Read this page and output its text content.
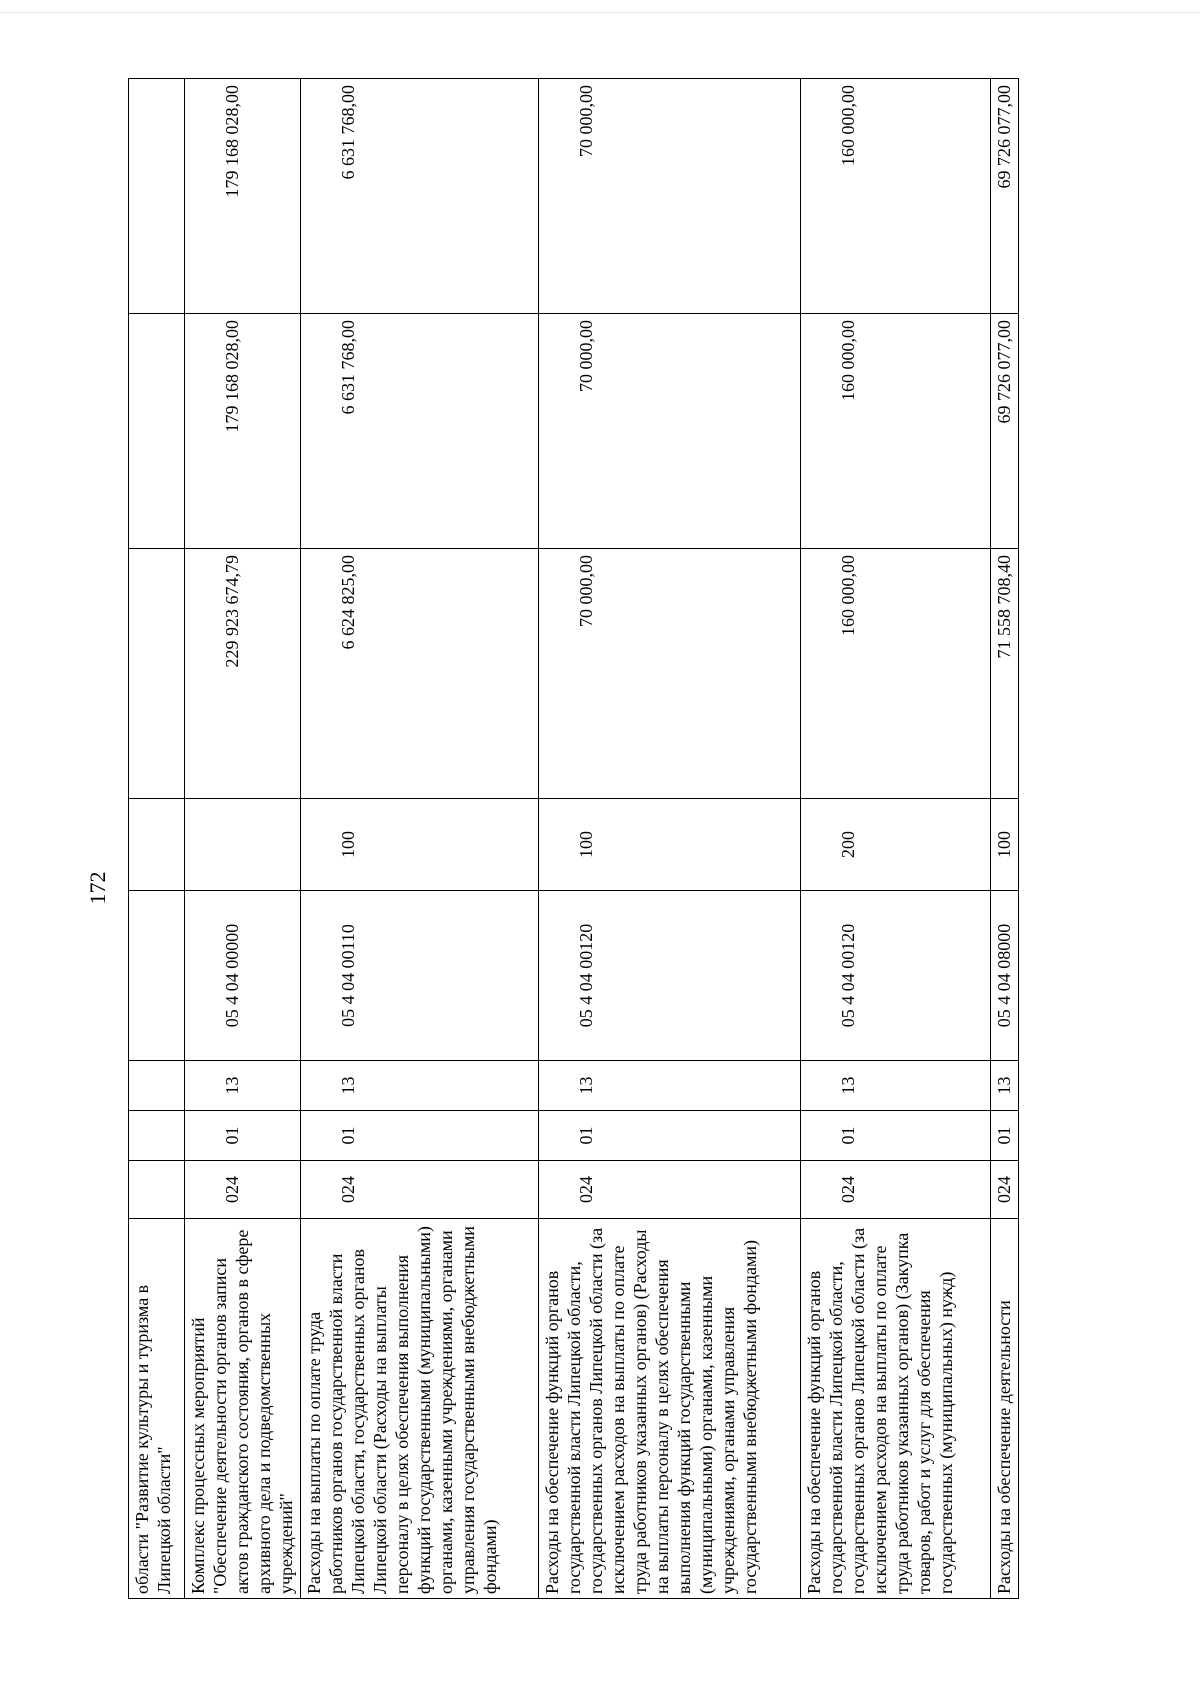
172
области "Развитие культуры и туризма в Липецкой области"								
Комплекс процессных мероприятий "Обеспечение деятельности органов записи актов гражданского состояния, органов в сфере архивного дела и подведомственных учреждений"	024	01	13	05 4 04 00000		229 923 674,79	179 168 028,00	179 168 028,00
Расходы на выплаты по оплате труда работников органов государственной власти Липецкой области, государственных органов Липецкой области (Расходы на выплаты персоналу в целях обеспечения выполнения функций государственными (муниципальными) органами, казенными учреждениями, органами управления государственными внебюджетными фондами)	024	01	13	05 4 04 00110	100	6 624 825,00	6 631 768,00	6 631 768,00
Расходы на обеспечение функций органов государственной власти Липецкой области, государственных органов Липецкой области (за исключением расходов на выплаты по оплате труда работников указанных органов) (Расходы на выплаты персоналу в целях обеспечения выполнения функций государственными (муниципальными) органами, казенными учреждениями, органами управления государственными внебюджетными фондами)	024	01	13	05 4 04 00120	100	70 000,00	70 000,00	70 000,00
Расходы на обеспечение функций органов государственной власти Липецкой области, государственных органов Липецкой области (за исключением расходов на выплаты по оплате труда работников указанных органов) (Закупка товаров, работ и услуг для обеспечения государственных (муниципальных) нужд)	024	01	13	05 4 04 00120	200	160 000,00	160 000,00	160 000,00
Расходы на обеспечение деятельности	024	01	13	05 4 04 08000	100	71 558 708,40	69 726 077,00	69 726 077,00
